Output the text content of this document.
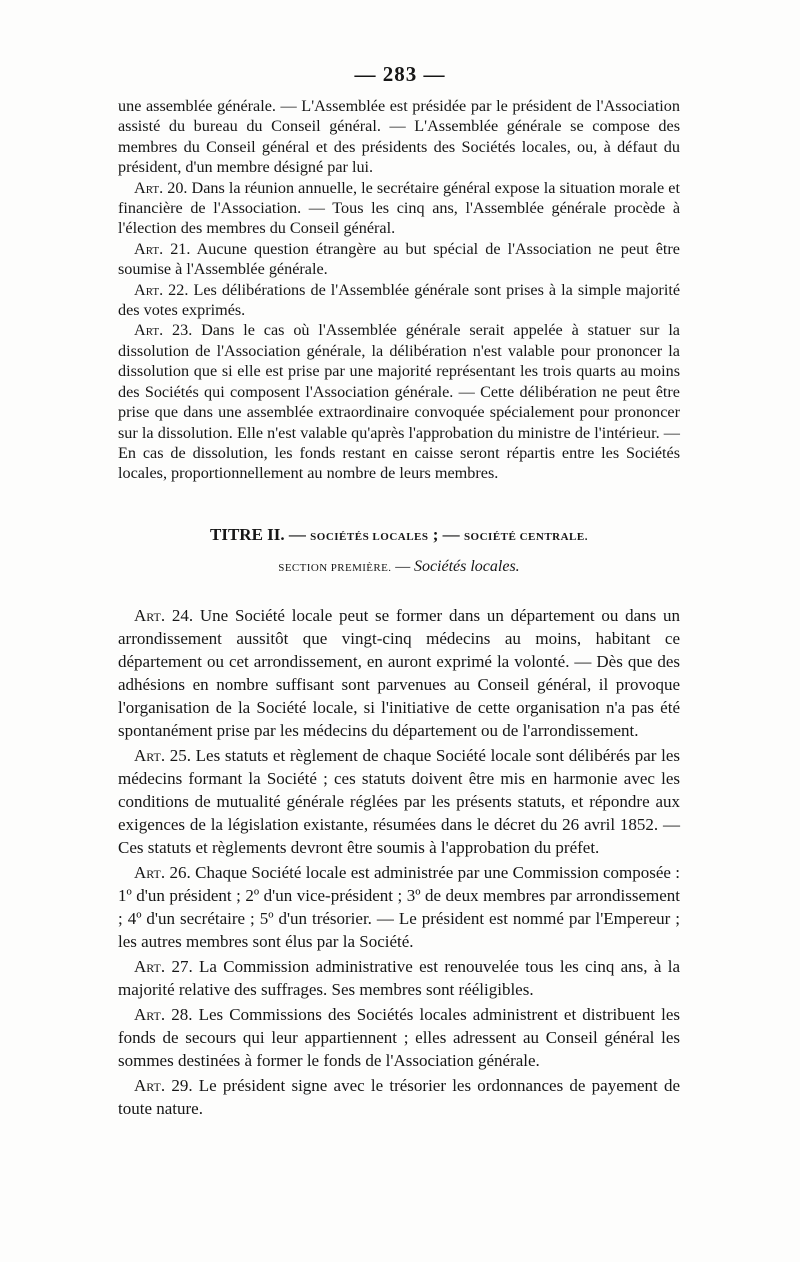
— 283 —

une assemblée générale. — L'Assemblée est présidée par le président de l'Association assisté du bureau du Conseil général. — L'Assemblée générale se compose des membres du Conseil général et des présidents des Sociétés locales, ou, à défaut du président, d'un membre désigné par lui.

Art. 20. Dans la réunion annuelle, le secrétaire général expose la situation morale et financière de l'Association. — Tous les cinq ans, l'Assemblée générale procède à l'élection des membres du Conseil général.

Art. 21. Aucune question étrangère au but spécial de l'Association ne peut être soumise à l'Assemblée générale.

Art. 22. Les délibérations de l'Assemblée générale sont prises à la simple majorité des votes exprimés.

Art. 23. Dans le cas où l'Assemblée générale serait appelée à statuer sur la dissolution de l'Association générale, la délibération n'est valable pour prononcer la dissolution que si elle est prise par une majorité représentant les trois quarts au moins des Sociétés qui composent l'Association générale. — Cette délibération ne peut être prise que dans une assemblée extraordinaire convoquée spécialement pour prononcer sur la dissolution. Elle n'est valable qu'après l'approbation du ministre de l'intérieur. — En cas de dissolution, les fonds restant en caisse seront répartis entre les Sociétés locales, proportionnellement au nombre de leurs membres.

TITRE II. — SOCIÉTÉS LOCALES ; — SOCIÉTÉ CENTRALE.
SECTION PREMIÈRE. — Sociétés locales.

Art. 24. Une Société locale peut se former dans un département ou dans un arrondissement aussitôt que vingt-cinq médecins au moins, habitant ce département ou cet arrondissement, en auront exprimé la volonté. — Dès que des adhésions en nombre suffisant sont parvenues au Conseil général, il provoque l'organisation de la Société locale, si l'initiative de cette organisation n'a pas été spontanément prise par les médecins du département ou de l'arrondissement.

Art. 25. Les statuts et règlement de chaque Société locale sont délibérés par les médecins formant la Société ; ces statuts doivent être mis en harmonie avec les conditions de mutualité générale réglées par les présents statuts, et répondre aux exigences de la législation existante, résumées dans le décret du 26 avril 1852. — Ces statuts et règlements devront être soumis à l'approbation du préfet.

Art. 26. Chaque Société locale est administrée par une Commission composée : 1º d'un président ; 2º d'un vice-président ; 3º de deux membres par arrondissement ; 4º d'un secrétaire ; 5º d'un trésorier. — Le président est nommé par l'Empereur ; les autres membres sont élus par la Société.

Art. 27. La Commission administrative est renouvelée tous les cinq ans, à la majorité relative des suffrages. Ses membres sont rééligibles.

Art. 28. Les Commissions des Sociétés locales administrent et distribuent les fonds de secours qui leur appartiennent ; elles adressent au Conseil général les sommes destinées à former le fonds de l'Association générale.

Art. 29. Le président signe avec le trésorier les ordonnances de payement de toute nature.
